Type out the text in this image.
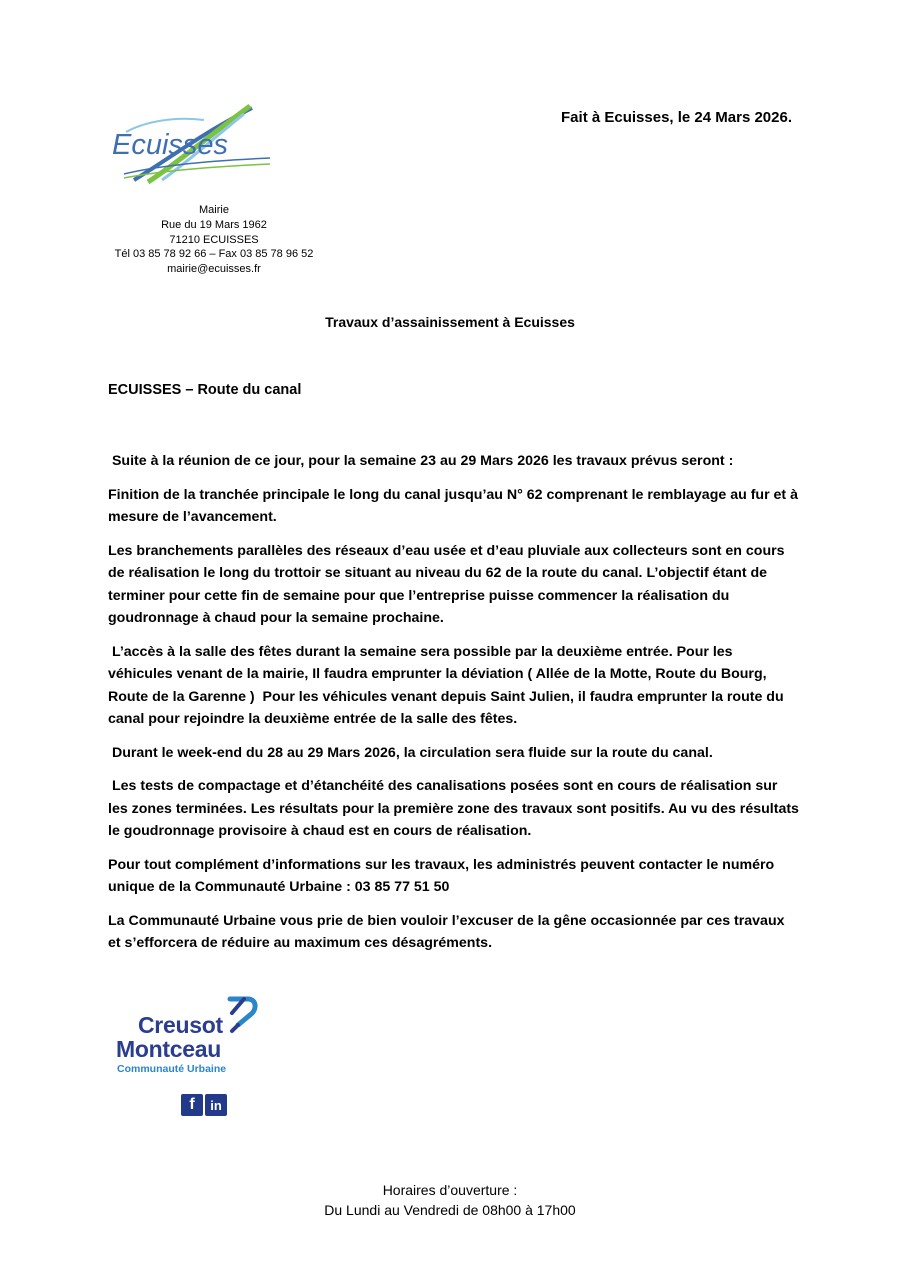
Fait à Ecuisses, le 24 Mars 2026.
Ecuisses
Mairie
Rue du 19 Mars 1962
71210 ECUISSES
Tél 03 85 78 92 66 – Fax 03 85 78 96 52
mairie@ecuisses.fr
Travaux d’assainissement à Ecuisses
ECUISSES – Route du canal

Suite à la réunion de ce jour, pour la semaine 23 au 29 Mars 2026 les travaux prévus seront :

Finition de la tranchée principale le long du canal jusqu’au N° 62 comprenant le remblayage au fur et à mesure de l’avancement.

Les branchements parallèles des réseaux d’eau usée et d’eau pluviale aux collecteurs sont en cours de réalisation le long du trottoir se situant au niveau du 62 de la route du canal. L’objectif étant de terminer pour cette fin de semaine pour que l’entreprise puisse commencer la réalisation du goudronnage à chaud pour la semaine prochaine.

L’accès à la salle des fêtes durant la semaine sera possible par la deuxième entrée. Pour les véhicules venant de la mairie, Il faudra emprunter la déviation ( Allée de la Motte, Route du Bourg, Route de la Garenne )  Pour les véhicules venant depuis Saint Julien, il faudra emprunter la route du canal pour rejoindre la deuxième entrée de la salle des fêtes.

Durant le week-end du 28 au 29 Mars 2026, la circulation sera fluide sur la route du canal.

Les tests de compactage et d’étanchéité des canalisations posées sont en cours de réalisation sur les zones terminées. Les résultats pour la première zone des travaux sont positifs. Au vu des résultats le goudronnage provisoire à chaud est en cours de réalisation.

Pour tout complément d’informations sur les travaux, les administrés peuvent contacter le numéro unique de la Communauté Urbaine : 03 85 77 51 50

La Communauté Urbaine vous prie de bien vouloir l’excuser de la gêne occasionnée par ces travaux et s’efforcera de réduire au maximum ces désagréments.

Creusot
Montceau
Communauté Urbaine
f	in
Horaires d’ouverture :
Du Lundi au Vendredi de 08h00 à 17h00
